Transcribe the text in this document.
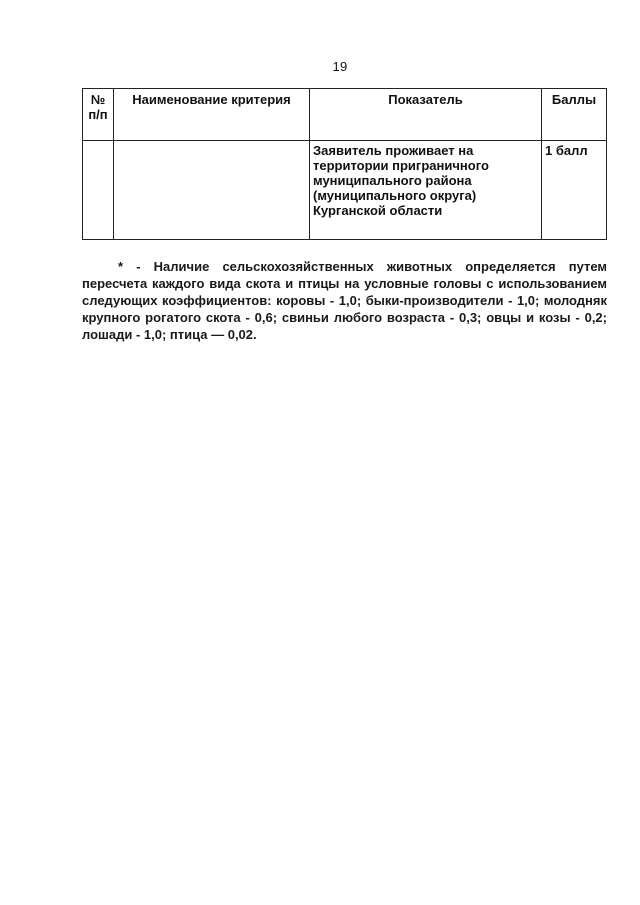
19
№
п/п	Наименование критерия	Показатель	Баллы

		Заявитель проживает на
территории приграничного
муниципального района
(муниципального округа)
Курганской области	1 балл
* - Наличие сельскохозяйственных животных определяется путем пересчета каждого вида скота и птицы на условные головы с использованием следующих коэффициентов: коровы - 1,0; быки-производители - 1,0; молодняк крупного рогатого скота - 0,6; свиньи любого возраста - 0,3; овцы и козы - 0,2; лошади - 1,0; птица — 0,02.
